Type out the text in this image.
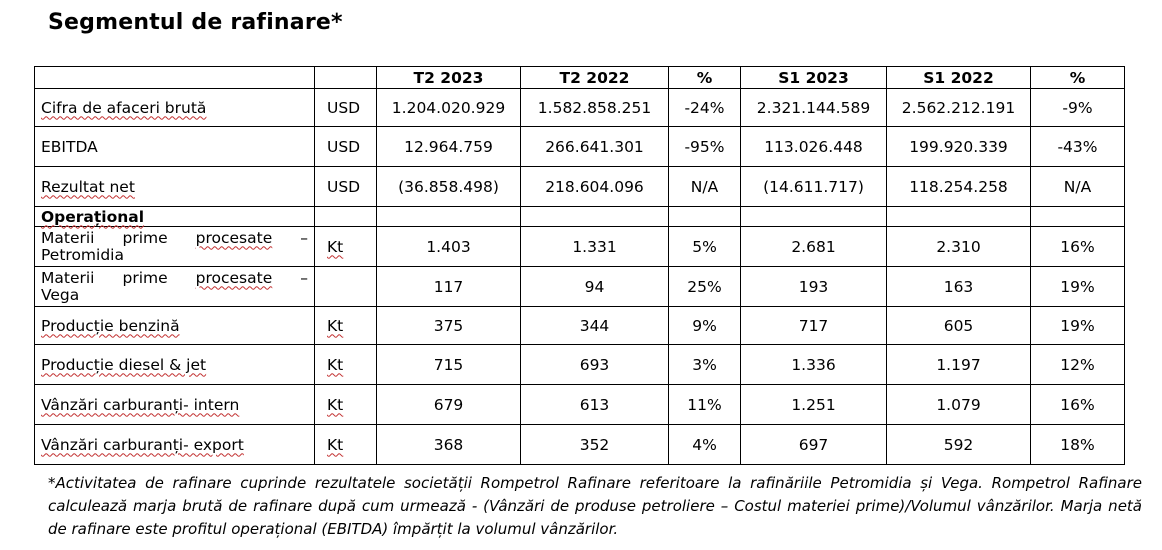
Segmentul de rafinare*
		T2 2023	T2 2022	%	S1 2023	S1 2022	%
Cifra de afaceri brută	USD	1.204.020.929	1.582.858.251	-24%	2.321.144.589	2.562.212.191	-9%
EBITDA	USD	12.964.759	266.641.301	-95%	113.026.448	199.920.339	-43%
Rezultat net	USD	(36.858.498)	218.604.096	N/A	(14.611.717)	118.254.258	N/A
Operațional							

Materii prime procesate –
Petromidia	Kt	1.403	1.331	5%	2.681	2.310	16%

Materii prime procesate –
Vega		117	94	25%	193	163	19%
Producție benzină	Kt	375	344	9%	717	605	19%
Producție diesel & jet	Kt	715	693	3%	1.336	1.197	12%
Vânzări carburanți- intern	Kt	679	613	11%	1.251	1.079	16%
Vânzări carburanți- export	Kt	368	352	4%	697	592	18%
*Activitatea de rafinare cuprinde rezultatele societății Rompetrol Rafinare referitoare la rafinăriile Petromidia și Vega. Rompetrol Rafinare calculează marja brută de rafinare după cum urmează - (Vânzări de produse petroliere – Costul materiei prime)/Volumul vânzărilor. Marja netă de rafinare este profitul operațional (EBITDA) împărțit la volumul vânzărilor.
